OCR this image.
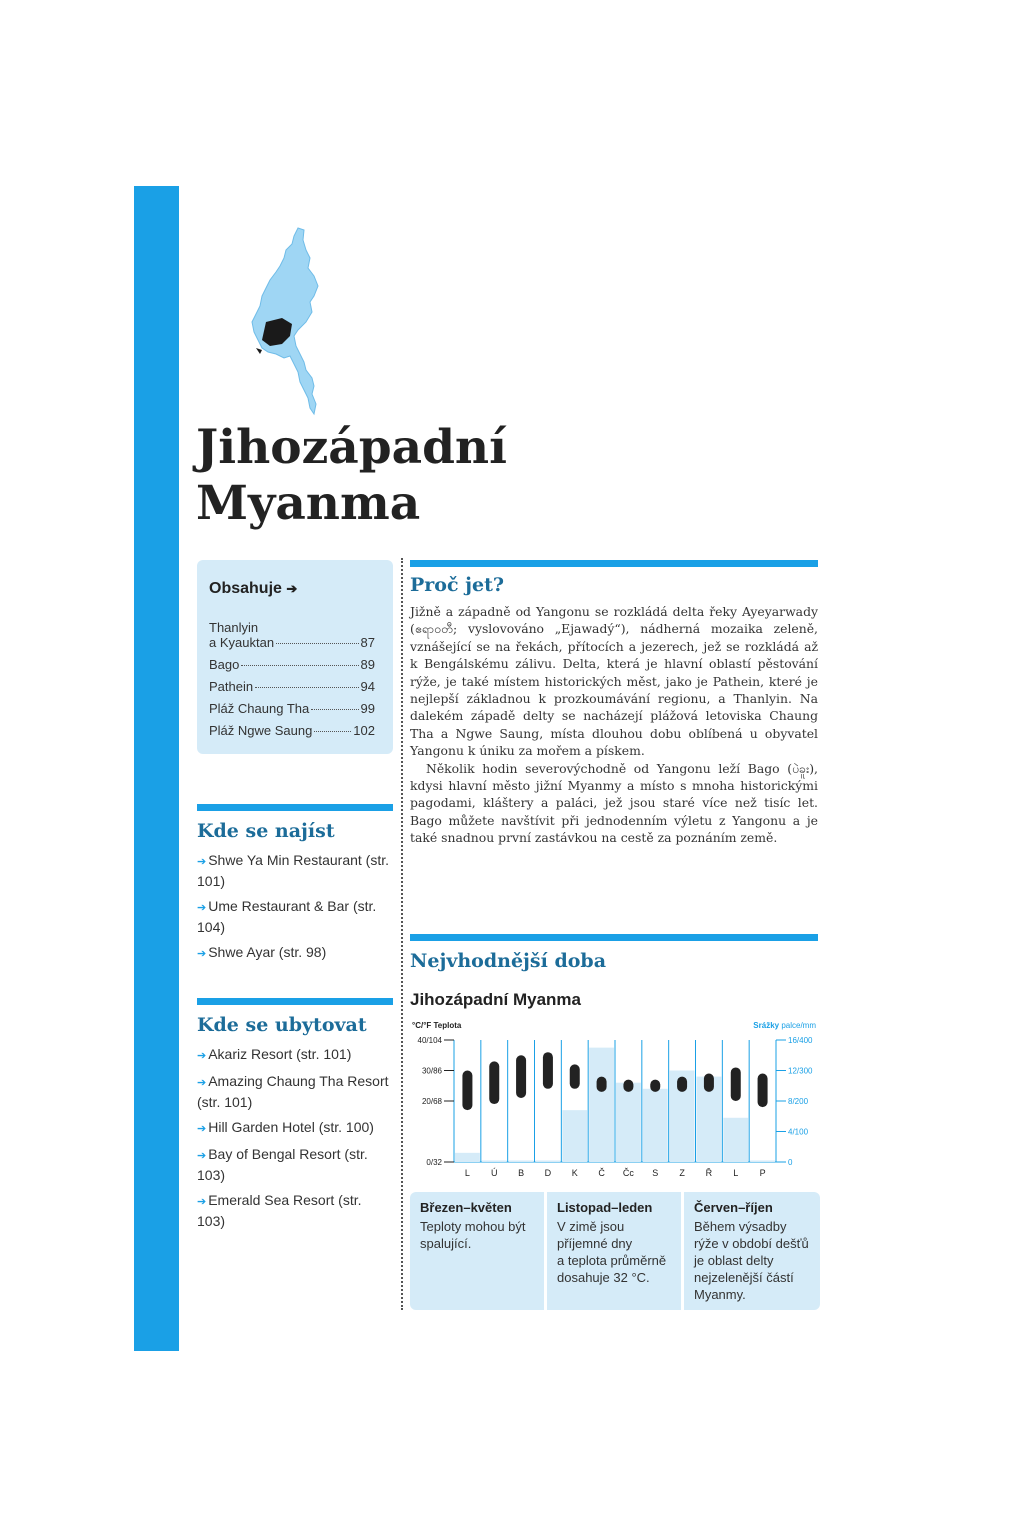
Jihozápadní
Myanma
Obsahuje ➔
Thanlyin
a Kyauktan	87
Bago	89
Pathein	94
Pláž Chaung Tha	99
Pláž Ngwe Saung	102
Kde se najíst
➔ Shwe Ya Min Restaurant (str. 101)
➔ Ume Restaurant & Bar (str. 104)
➔ Shwe Ayar (str. 98)
Kde se ubytovat
➔ Akariz Resort (str. 101)
➔ Amazing Chaung Tha Resort (str. 101)
➔ Hill Garden Hotel (str. 100)
➔ Bay of Bengal Resort (str. 103)
➔ Emerald Sea Resort (str. 103)
Proč jet?

Jižně a západně od Yangonu se rozkládá delta řeky Ayeyarwady (ဧရာဝတီ; vyslovováno „Ejawadý“), nádherná mozaika zeleně, vznášející se na řekách, přítocích a jezerech, jež se rozkládá až k Bengálskému zálivu. Delta, která je hlavní oblastí pěstování rýže, je také místem historických měst, jako je Pathein, které je nejlepší základnou k prozkoumávání regionu, a Thanlyin. Na dalekém západě delty se nacházejí plážová letoviska Chaung Tha a Ngwe Saung, místa dlouhou dobu oblíbená u obyvatel Yangonu k úniku za mořem a pískem.

Několik hodin severovýchodně od Yangonu leží Bago (ပဲခူး), kdysi hlavní město jižní Myanmy a místo s mnoha historickými pagodami, kláštery a paláci, jež jsou staré více než tisíc let. Bago můžete navštívit při jednodenním výletu z Yangonu a je také snadnou první zastávkou na cestě za poznáním země.

Nejvhodnější doba
Jihozápadní Myanma
°C/°F Teplota	Srážky palce/mm
40/104
30/86
20/68
0/32
16/400
12/300
8/200
4/100
0
L Ú B D K Č Čc S Z Ř L P
Březen–květen
Teploty mohou být
spalující.
Listopad–leden
V zimě jsou
příjemné dny
a teplota průměrně
dosahuje 32 °C.
Červen–říjen
Během výsadby
rýže v období dešťů
je oblast delty
nejzelenější částí
Myanmy.
